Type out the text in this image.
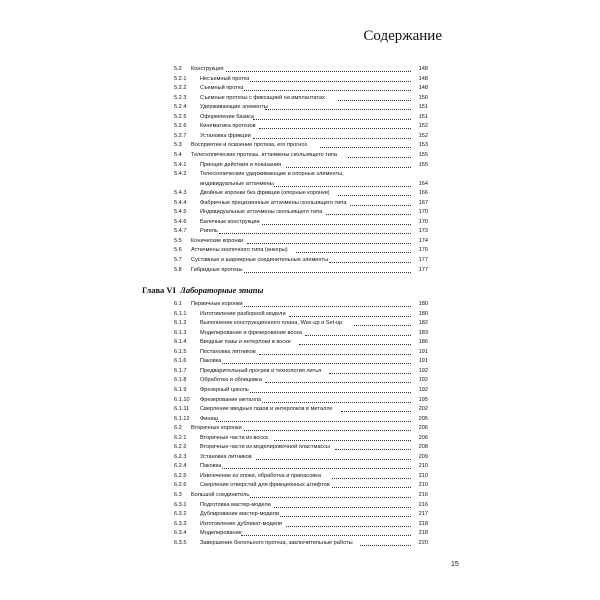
Содержание
5.2 Конструкция	148
5.2.1 Несъемный протез	148
5.2.2 Съемный протез	148
5.2.3 Съемные протезы с фиксацией на имплантатах	150
5.2.4 Удерживающие элементы	151
5.2.5 Оформление базиса	151
5.2.6 Кинематика протезов	152
5.2.7 Установка фрикции	152
5.3 Восприятие и освоение протеза, его прогноз	153
5.4 Телескопические протезы, аттачмены скользящего типа	155
5.4.1 Принцип действия и показания	155
5.4.2 Телескопические удерживающие и опорные элементы,
индивидуальные аттачмены	164
5.4.3 Двойные коронки без фрикции (опорные коронки)	166
5.4.4 Фабричные прецизионные аттачмены скользящего типа	167
5.4.5 Индивидуальные аттачмены скользящего типа	170
5.4.6 Балочные конструкции	170
5.4.7 Ригель	173
5.5 Конические коронки	174
5.6 Аттачмены кнопочного типа (анкеры)	176
5.7 Суставные и шарнирные соединительные элементы	177
5.8 Гибридные протезы	177
Глава VI Лабораторные этапы
6.1 Первичные коронки	180
6.1.1 Изготовление разборной модели	180
6.1.2 Выполнение конструкционного плана, Wax-up и Set-up	182
6.1.3 Моделирование и фрезерование воска	183
6.1.4 Вводные пазы и интерлоки в воске	186
6.1.5 Постановка литников	191
6.1.6 Паковка	191
6.1.7 Предварительный прогрев и технология литья	192
6.1.8 Обработка и облицовка	192
6.1.9 Фрезерный цоколь	192
6.1.10 Фрезерование металла	195
6.1.11 Сверление вводных пазов и интерлоков в металле	202
6.1.12 Финиш	205
6.2 Вторичные коронки	206
6.2.1 Вторичные части из воска	206
6.2.2 Вторичные части из моделировочной пластмассы	208
6.2.3 Установка литников	209
6.2.4 Паковка	210
6.2.5 Извлечение из опоки, обработка и припасовка	210
6.2.6 Сверление отверстий для фрикционных штифтов	210
6.3 Большой соединитель	216
6.3.1 Подготовка мастер-модели	216
6.3.2 Дублирование мастер-модели	217
6.3.3 Изготовление дубликат-модели	218
6.3.4 Моделирование	218
6.3.5 Завершение бюгельного протеза, заключительные работы	220
15
